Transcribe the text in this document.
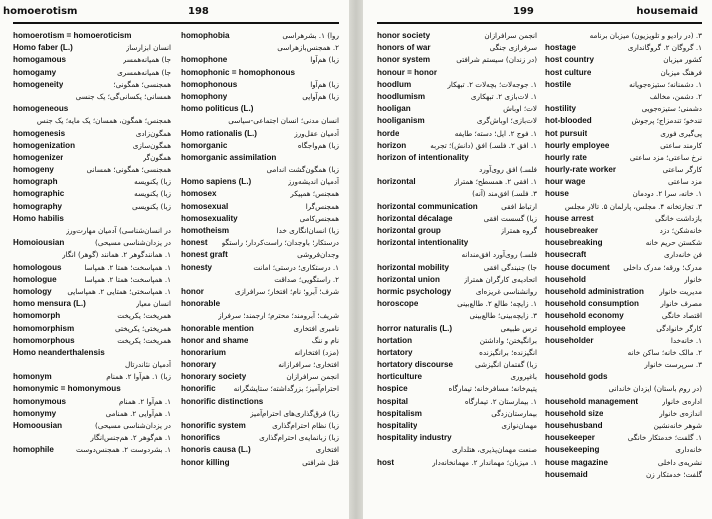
homoerotism	198
homoerotism = homoeroticism
Homo faber (L.)	انسان ابزارساز
homogamous	جا) همیانه‌همسر
homogamy	جا) همیانه‌همسری
homogeneity	همجنسی؛ همگونی؛
همسانی؛ یکسانی‌گی؛ یک جنسی
homogeneous
همجنس؛ همگون، همسان؛ یک مایه؛ یک جنس
homogenesis	همگون‌زادی
homogenization	همگون‌سازی
homogenizer	همگون‌گر
homogeny	همجنسی؛ همگونی؛ همسانی
homograph	زبا) یکنویسه
homographic	زبا) یکنویسه
homography	زبا) یکنویسی
Homo habilis
در انسان‌شناسی) آدمیان مهارت‌ورز
Homoiousian	در یزدان‌شناسی مسیحی)
۱. همانندگوهر ۲. همانند (گوهر) انگار
homologous	۱. همپاسخت؛ همتا ۲. همپاسا
homologue	۱. همپاسخت؛ همتا ۲. همپاسا
homology ۱. همپاسختی؛ همتایی ۲. همپاسایی
homo mensura (L.)	انسان معیار
homomorph	همریخت؛ یکریخت
homomorphism	همریختی؛ یکریختی
homomorphous	همریخت؛ یکریخت
Homo neanderthalensis
آدمیان نئاندرتال
homonym	زبا) ۱. هم‌آوا ۲. همنام
homonymic = homonymous
homonymous	۱. هم‌آوا ۲. همنام
homonymy	۱. هم‌آوایی ۲. همنامی
Homoousian	در یزدان‌شناسی مسیحی)
۱. هم‌گوهر ۲. هم‌جنس‌انگار
homophile	۱. بشردوست ۲. همجنس‌دوست
homophobia	روا) ۱. بشرهراسی
۲. همجنس‌بازهراسی
homophone	زبا) هم‌آوا
homophonic = homophonous
homophonous	زبا) هم‌آوا
homophony	زبا) هم‌آوایی
homo politicus (L.)
انسان مدنی؛ انسان اجتماعی-سیاسی
Homo rationalis (L.)	آدمیان عقل‌ورز
homorganic	زبا) هم‌واجگاه
homorganic assimilation
زبا) همگون‌گشت اندامی
Homo sapiens (L.)	آدمیان اندیشه‌ورز
homosex	همجنس؛ همپیکر
homosexual	همجنس‌گرا
homosexuality	همجنس‌کامی
homotheism	زبا) انسان‌انگاری خدا
honest درستکار؛ باوجدان؛ راست‌کردار؛ راستگو
honest graft	وجدان‌فروشی
honesty	۱. درستکاری؛ درستی؛ امانت
۲. راستگویی؛ صداقت
honor	شرف؛ آبرو؛ نام؛ افتخار؛ سرافرازی
honorable
شریف؛ آبرومند؛ محترم؛ ارجمند؛ سرفراز
honorable mention	نامبری افتخاری
honor and shame	نام و ننگ
honorarium	(مزد) افتخارانه
honorary	افتخاری؛ سرافرازانه
honorary society	انجمن سرافرازان
honorific احترام‌آمیز؛ بزرگداشته؛ ستایشگرانه
honorific distinctions
زبا) فرق‌گذاری‌های احترام‌آمیز
honorific system	زبا) نظام احترام‌گذاری
honorifics	زبا) زبانمایه‌ی احترام‌گذاری
honoris causa (L.)	افتخاری
honor killing	قتل شرافتی
199	housemaid
honor society	انجمن سرافرازان
honors of war	سرفرازی جنگی
honor system	(در زندان) سیستم شرافتی
honour = honor
hoodlum	۱. جوجه‌لات؛ بچه‌لات ۲. تبهکار
hoodlumism	۱. لات‌بازی ۲. تبهکاری
hooligan	لات؛ اوباش
hooliganism	لات‌بازی؛ اوباش‌گری
horde	۱. فوج ۲. ایل؛ دسته؛ طایفه
horizon	۱. افق ۲. فلسـ) افق (دانش)؛ تجربه
horizon of intentionality
فلسـ) افق روی‌آورد
horizontal	۱. افقی ۲. همسطح؛ همتراز
۳. فلسـ) افق‌مند (آنه)
horizontal communication	ارتباط افقی
horizontal décalage	زبا) گسست افقی
horizontal group	گروه همتراز
horizontal intentionality
فلسـ) روی‌آورد افق‌مندانه
horizontal mobility	جا) جنبندگی افقی
horizontal union	اتحادیه‌ی کارگران همتراز
hormic psychology	روانشناسی غریزه‌ای
horoscope	۱. زایچه؛ طالع ۲. طالع‌بینی
۳. زایچه‌بینی؛ طالع‌بینی
horror naturalis (L.)	ترس طبیعی
hortation	برانگیختن؛ واداشتن
hortatory	انگیزنده؛ برانگیزنده
hortatory discourse	زبا) گفتمان انگیزشی
horticulture	باغپروری
hospice	یتیم‌خانه؛ مسافرخانه؛ تیمارگاه
hospital	۱. بیمارستان ۲. تیمارگاه
hospitalism	بیمارستان‌زدگی
hospitality	مهمان‌نوازی
hospitality industry
صنعت مهمان‌پذیری، هتلداری
host	۱. میزبان؛ مهماندار ۲. مهمانخانه‌دار
۳. (در رادیو و تلویزیون) میزبان برنامه
hostage	۱. گروگان ۲. گروگانداری
host country	کشور میزبان
host culture	فرهنگ میزبان
hostile	۱. دشمنانه؛ ستیزه‌جویانه
۲. دشمن، مخالف
hostility	دشمنی؛ ستیزه‌جویی
hot-blooded	تندخو؛ تندمزاج؛ پرجوش
hot pursuit	پی‌گیری فوری
hourly employee	کارمند ساعتی
hourly rate	نرخ ساعتی؛ مزد ساعتی
hourly-rate worker	کارگر ساعتی
hour wage	مزد ساعتی
house	۱. خانه، سرا ۲. دودمان
۳. تجارتخانه ۴. مجلس، پارلمان ۵. تالار مجلس
house arrest	بازداشت خانگی
housebreaker	خانه‌شکن؛ دزد
housebreaking	شکستن حریم خانه
housecraft	فن خانه‌داری
house document مدرک؛ ورقه؛ مدرک داخلی
household	خانوار
household administration مدیریت خانوار
household consumption	مصرف خانوار
household economy	اقتصاد خانگی
household employee	کارگر خانوادگی
householder	۱. خانه‌خدا
۲. مالک خانه؛ ساکن خانه
۳. سرپرست خانوار
household gods
(در روم باستان) ایزدان خاندانی
household management	اداره‌ی خانوار
household size	اندازه‌ی خانوار
househusband	شوهر خانه‌نشین
housekeeper	۱. گلفت؛ خدمتکار خانگی
housekeeping	خانه‌داری
house magazine	نشریه‌ی داخلی
housemaid	گلفت؛ خدمتکار زن
